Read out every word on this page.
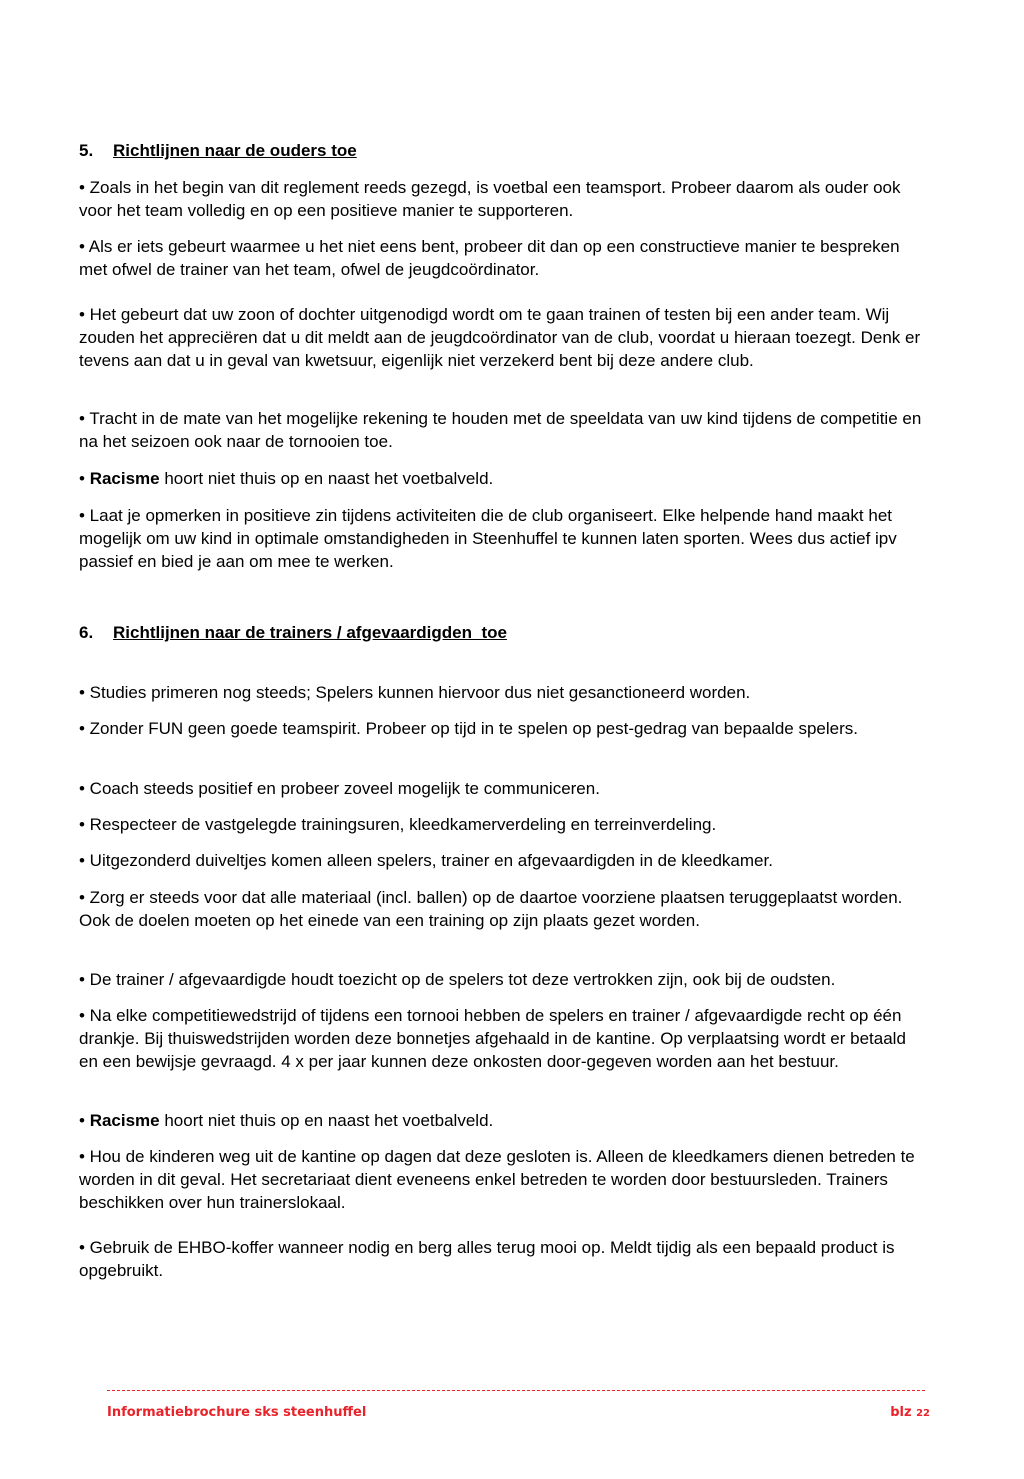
5. Richtlijnen naar de ouders toe

• Zoals in het begin van dit reglement reeds gezegd, is voetbal een teamsport. Probeer daarom als ouder ook voor het team volledig en op een positieve manier te supporteren.

• Als er iets gebeurt waarmee u het niet eens bent, probeer dit dan op een constructieve manier te bespreken met ofwel de trainer van het team, ofwel de jeugdcoördinator.

• Het gebeurt dat uw zoon of dochter uitgenodigd wordt om te gaan trainen of testen bij een ander team. Wij zouden het appreciëren dat u dit meldt aan de jeugdcoördinator van de club, voordat u hieraan toezegt. Denk er tevens aan dat u in geval van kwetsuur, eigenlijk niet verzekerd bent bij deze andere club.

• Tracht in de mate van het mogelijke rekening te houden met de speeldata van uw kind tijdens de competitie en na het seizoen ook naar de tornooien toe.

• Racisme hoort niet thuis op en naast het voetbalveld.

• Laat je opmerken in positieve zin tijdens activiteiten die de club organiseert. Elke helpende hand maakt het mogelijk om uw kind in optimale omstandigheden in Steenhuffel te kunnen laten sporten. Wees dus actief ipv passief en bied je aan om mee te werken.

6. Richtlijnen naar de trainers / afgevaardigden  toe

• Studies primeren nog steeds; Spelers kunnen hiervoor dus niet gesanctioneerd worden.

• Zonder FUN geen goede teamspirit. Probeer op tijd in te spelen op pest-gedrag van bepaalde spelers.

• Coach steeds positief en probeer zoveel mogelijk te communiceren.

• Respecteer de vastgelegde trainingsuren, kleedkamerverdeling en terreinverdeling.

• Uitgezonderd duiveltjes komen alleen spelers, trainer en afgevaardigden in de kleedkamer.

• Zorg er steeds voor dat alle materiaal (incl. ballen) op de daartoe voorziene plaatsen teruggeplaatst worden. Ook de doelen moeten op het einede van een training op zijn plaats gezet worden.

• De trainer / afgevaardigde houdt toezicht op de spelers tot deze vertrokken zijn, ook bij de oudsten.

• Na elke competitiewedstrijd of tijdens een tornooi hebben de spelers en trainer / afgevaardigde recht op één drankje. Bij thuiswedstrijden worden deze bonnetjes afgehaald in de kantine. Op verplaatsing wordt er betaald en een bewijsje gevraagd. 4 x per jaar kunnen deze onkosten door-gegeven worden aan het bestuur.

• Racisme hoort niet thuis op en naast het voetbalveld.

• Hou de kinderen weg uit de kantine op dagen dat deze gesloten is. Alleen de kleedkamers dienen betreden te worden in dit geval. Het secretariaat dient eveneens enkel betreden te worden door bestuursleden. Trainers beschikken over hun trainerslokaal.

• Gebruik de EHBO-koffer wanneer nodig en berg alles terug mooi op. Meldt tijdig als een bepaald product is opgebruikt.

Informatiebrochure sks steenhuffel	blz 22
